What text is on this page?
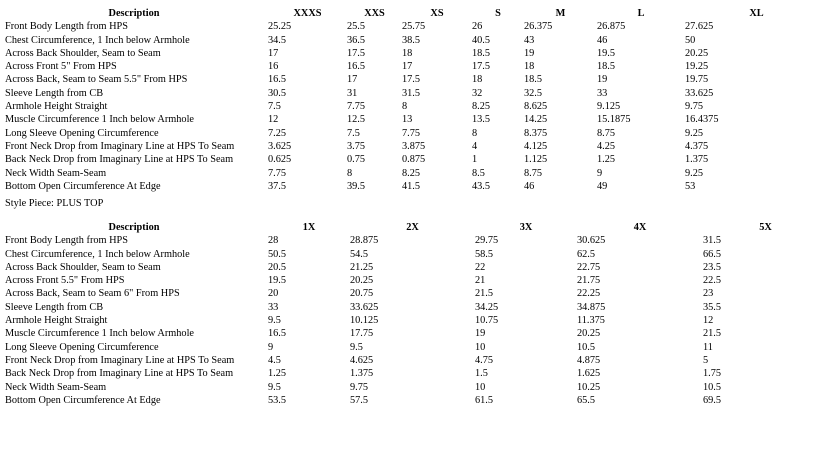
Description	XXXS	XXS	XS	S	M	L	XL
Front Body Length from HPS	25.25	25.5	25.75	26	26.375	26.875	27.625
Chest Circumference, 1 Inch below Armhole	34.5	36.5	38.5	40.5	43	46	50
Across Back Shoulder, Seam to Seam	17	17.5	18	18.5	19	19.5	20.25
Across Front 5" From HPS	16	16.5	17	17.5	18	18.5	19.25
Across Back, Seam to Seam 5.5" From HPS	16.5	17	17.5	18	18.5	19	19.75
Sleeve Length from CB	30.5	31	31.5	32	32.5	33	33.625
Armhole Height Straight	7.5	7.75	8	8.25	8.625	9.125	9.75
Muscle Circumference 1 Inch below Armhole	12	12.5	13	13.5	14.25	15.1875	16.4375
Long Sleeve Opening Circumference	7.25	7.5	7.75	8	8.375	8.75	9.25
Front Neck Drop from Imaginary Line at HPS To Seam	3.625	3.75	3.875	4	4.125	4.25	4.375
Back Neck Drop from Imaginary Line at HPS To Seam	0.625	0.75	0.875	1	1.125	1.25	1.375
Neck Width Seam-Seam	7.75	8	8.25	8.5	8.75	9	9.25
Bottom Open Circumference At Edge	37.5	39.5	41.5	43.5	46	49	53
Style Piece: PLUS TOP
Description	1X	2X	3X	4X	5X
Front Body Length from HPS	28	28.875	29.75	30.625	31.5
Chest Circumference, 1 Inch below Armhole	50.5	54.5	58.5	62.5	66.5
Across Back Shoulder, Seam to Seam	20.5	21.25	22	22.75	23.5
Across Front 5.5" From HPS	19.5	20.25	21	21.75	22.5
Across Back, Seam to Seam 6" From HPS	20	20.75	21.5	22.25	23
Sleeve Length from CB	33	33.625	34.25	34.875	35.5
Armhole Height Straight	9.5	10.125	10.75	11.375	12
Muscle Circumference 1 Inch below Armhole	16.5	17.75	19	20.25	21.5
Long Sleeve Opening Circumference	9	9.5	10	10.5	11
Front Neck Drop from Imaginary Line at HPS To Seam	4.5	4.625	4.75	4.875	5
Back Neck Drop from Imaginary Line at HPS To Seam	1.25	1.375	1.5	1.625	1.75
Neck Width Seam-Seam	9.5	9.75	10	10.25	10.5
Bottom Open Circumference At Edge	53.5	57.5	61.5	65.5	69.5
